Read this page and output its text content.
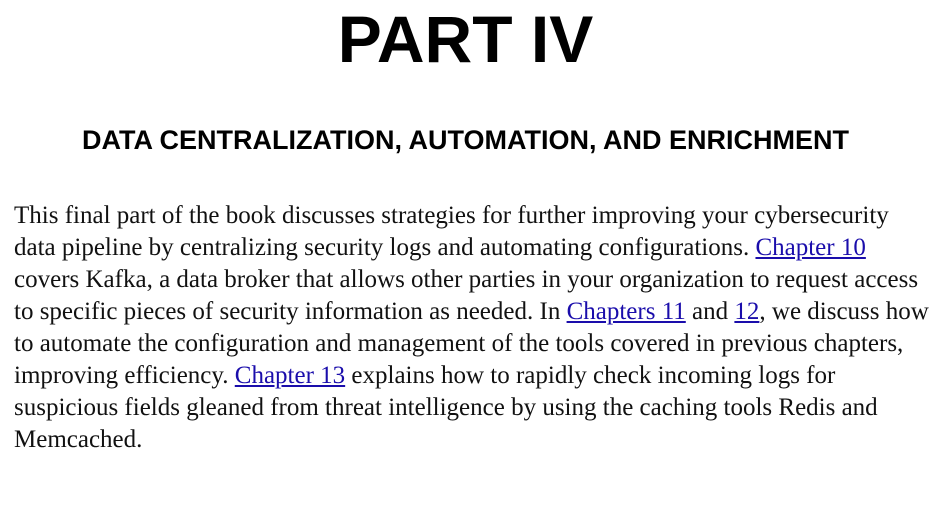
PART IV
DATA CENTRALIZATION, AUTOMATION, AND ENRICHMENT

This final part of the book discusses strategies for further improving your cybersecurity data pipeline by centralizing security logs and automating configurations. Chapter 10 covers Kafka, a data broker that allows other parties in your organization to request access to specific pieces of security information as needed. In Chapters 11 and 12, we discuss how to automate the configuration and management of the tools covered in previous chapters, improving efficiency. Chapter 13 explains how to rapidly check incoming logs for suspicious fields gleaned from threat intelligence by using the caching tools Redis and Memcached.
